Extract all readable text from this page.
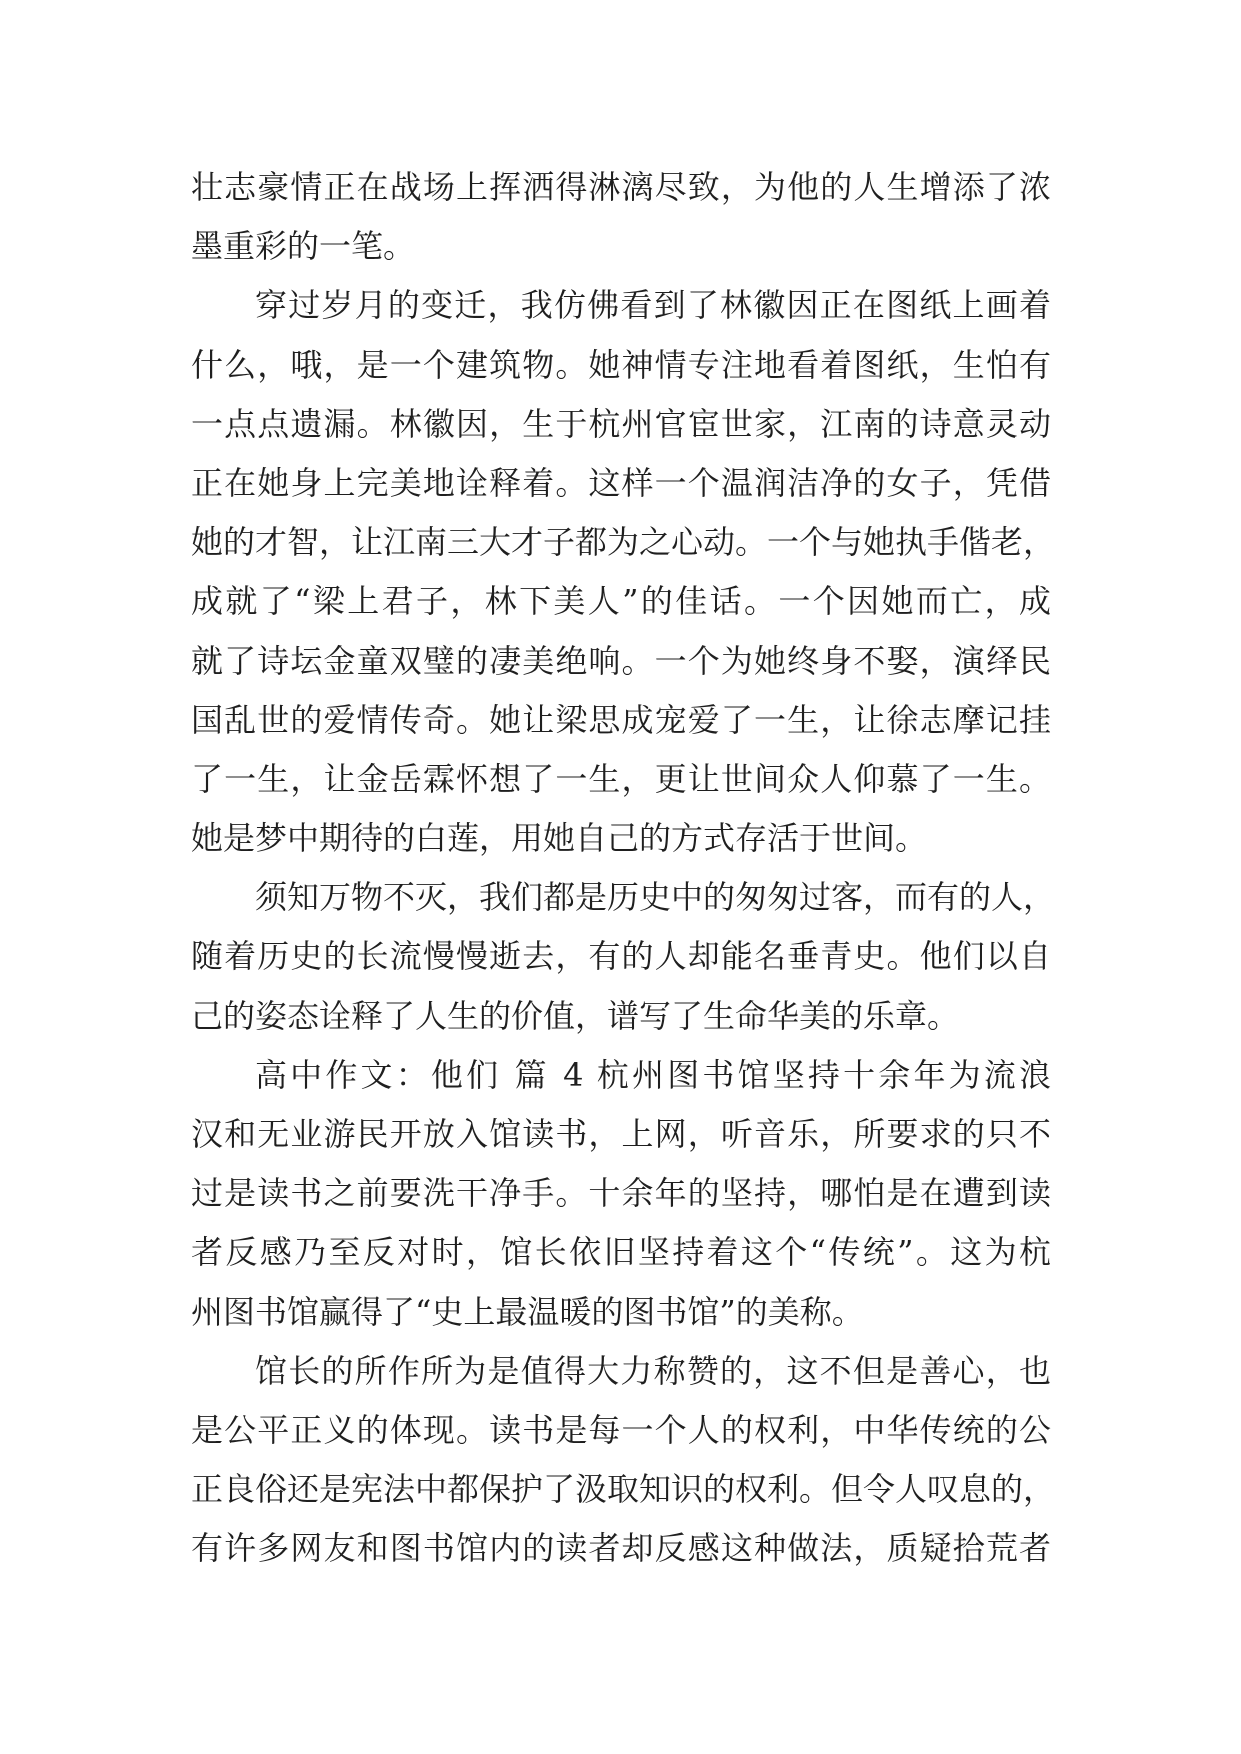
壮志豪情正在战场上挥洒得淋漓尽致，为他的人生增添了浓
墨重彩的一笔。
穿过岁月的变迁，我仿佛看到了林徽因正在图纸上画着
什么，哦，是一个建筑物。她神情专注地看着图纸，生怕有
一点点遗漏。林徽因，生于杭州官宦世家，江南的诗意灵动
正在她身上完美地诠释着。这样一个温润洁净的女子，凭借
她的才智，让江南三大才子都为之心动。一个与她执手偕老，
成就了“梁上君子，林下美人”的佳话。一个因她而亡，成
就了诗坛金童双璧的凄美绝响。一个为她终身不娶，演绎民
国乱世的爱情传奇。她让梁思成宠爱了一生，让徐志摩记挂
了一生，让金岳霖怀想了一生，更让世间众人仰慕了一生。
她是梦中期待的白莲，用她自己的方式存活于世间。
须知万物不灭，我们都是历史中的匆匆过客，而有的人，
随着历史的长流慢慢逝去，有的人却能名垂青史。他们以自
己的姿态诠释了人生的价值，谱写了生命华美的乐章。
高中作文：他们 篇 4 杭州图书馆坚持十余年为流浪
汉和无业游民开放入馆读书，上网，听音乐，所要求的只不
过是读书之前要洗干净手。十余年的坚持，哪怕是在遭到读
者反感乃至反对时，馆长依旧坚持着这个“传统”。这为杭
州图书馆赢得了“史上最温暖的图书馆”的美称。
馆长的所作所为是值得大力称赞的，这不但是善心，也
是公平正义的体现。读书是每一个人的权利，中华传统的公
正良俗还是宪法中都保护了汲取知识的权利。但令人叹息的，
有许多网友和图书馆内的读者却反感这种做法，质疑拾荒者
